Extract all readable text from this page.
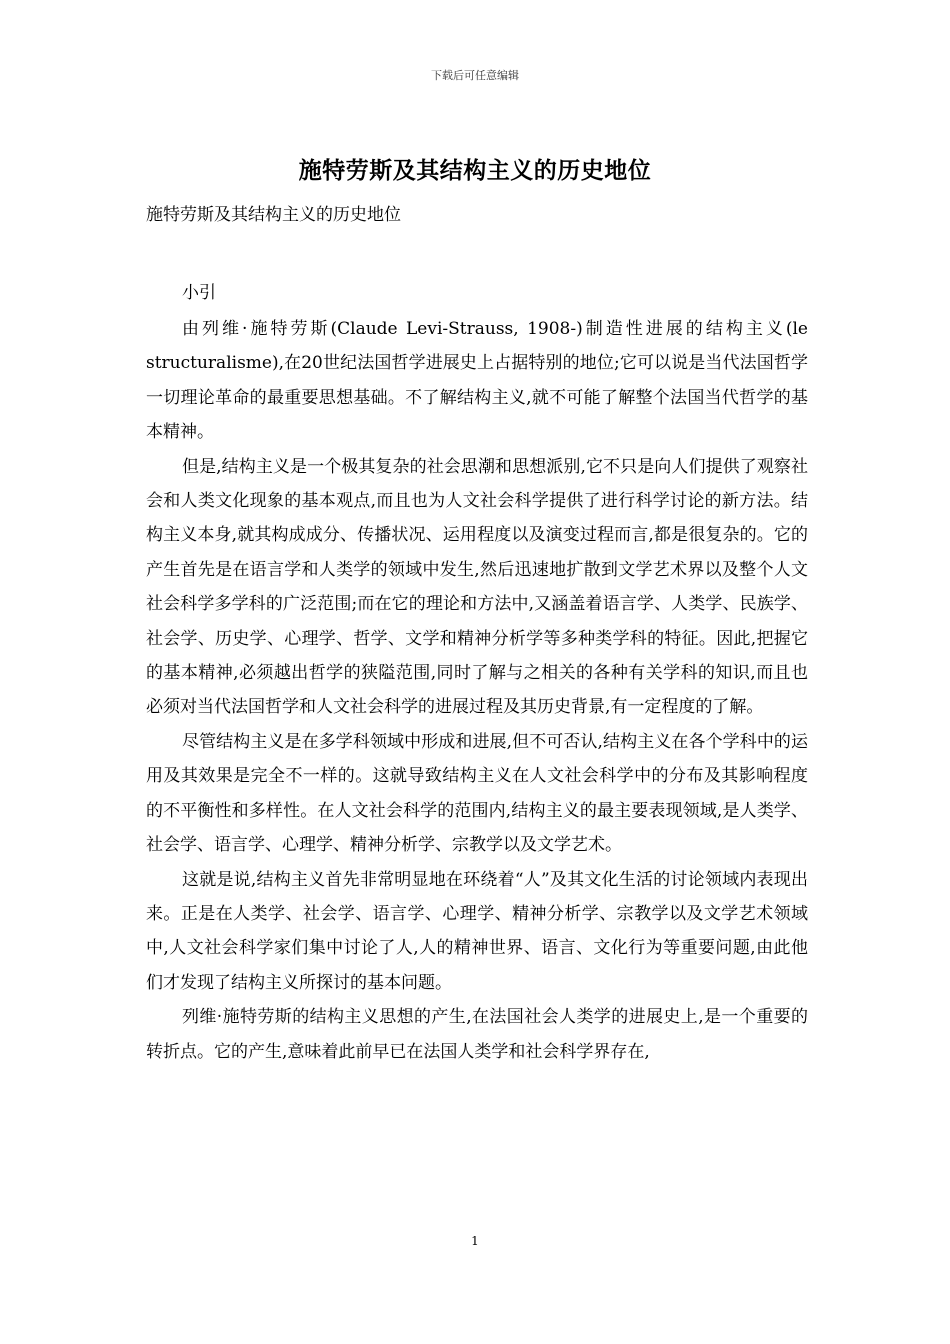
下载后可任意编辑
施特劳斯及其结构主义的历史地位
施特劳斯及其结构主义的历史地位
小引

由列维·施特劳斯(Claude Levi-Strauss, 1908-)制造性进展的结构主义(le structuralisme),在20世纪法国哲学进展史上占据特别的地位;它可以说是当代法国哲学一切理论革命的最重要思想基础。不了解结构主义,就不可能了解整个法国当代哲学的基本精神。

但是,结构主义是一个极其复杂的社会思潮和思想派别,它不只是向人们提供了观察社会和人类文化现象的基本观点,而且也为人文社会科学提供了进行科学讨论的新方法。结构主义本身,就其构成成分、传播状况、运用程度以及演变过程而言,都是很复杂的。它的产生首先是在语言学和人类学的领域中发生,然后迅速地扩散到文学艺术界以及整个人文社会科学多学科的广泛范围;而在它的理论和方法中,又涵盖着语言学、人类学、民族学、社会学、历史学、心理学、哲学、文学和精神分析学等多种类学科的特征。因此,把握它的基本精神,必须越出哲学的狭隘范围,同时了解与之相关的各种有关学科的知识,而且也必须对当代法国哲学和人文社会科学的进展过程及其历史背景,有一定程度的了解。

尽管结构主义是在多学科领域中形成和进展,但不可否认,结构主义在各个学科中的运用及其效果是完全不一样的。这就导致结构主义在人文社会科学中的分布及其影响程度的不平衡性和多样性。在人文社会科学的范围内,结构主义的最主要表现领域,是人类学、社会学、语言学、心理学、精神分析学、宗教学以及文学艺术。

这就是说,结构主义首先非常明显地在环绕着“人”及其文化生活的讨论领域内表现出来。正是在人类学、社会学、语言学、心理学、精神分析学、宗教学以及文学艺术领域中,人文社会科学家们集中讨论了人,人的精神世界、语言、文化行为等重要问题,由此他们才发现了结构主义所探讨的基本问题。

列维·施特劳斯的结构主义思想的产生,在法国社会人类学的进展史上,是一个重要的转折点。它的产生,意味着此前早已在法国人类学和社会科学界存在,

1
